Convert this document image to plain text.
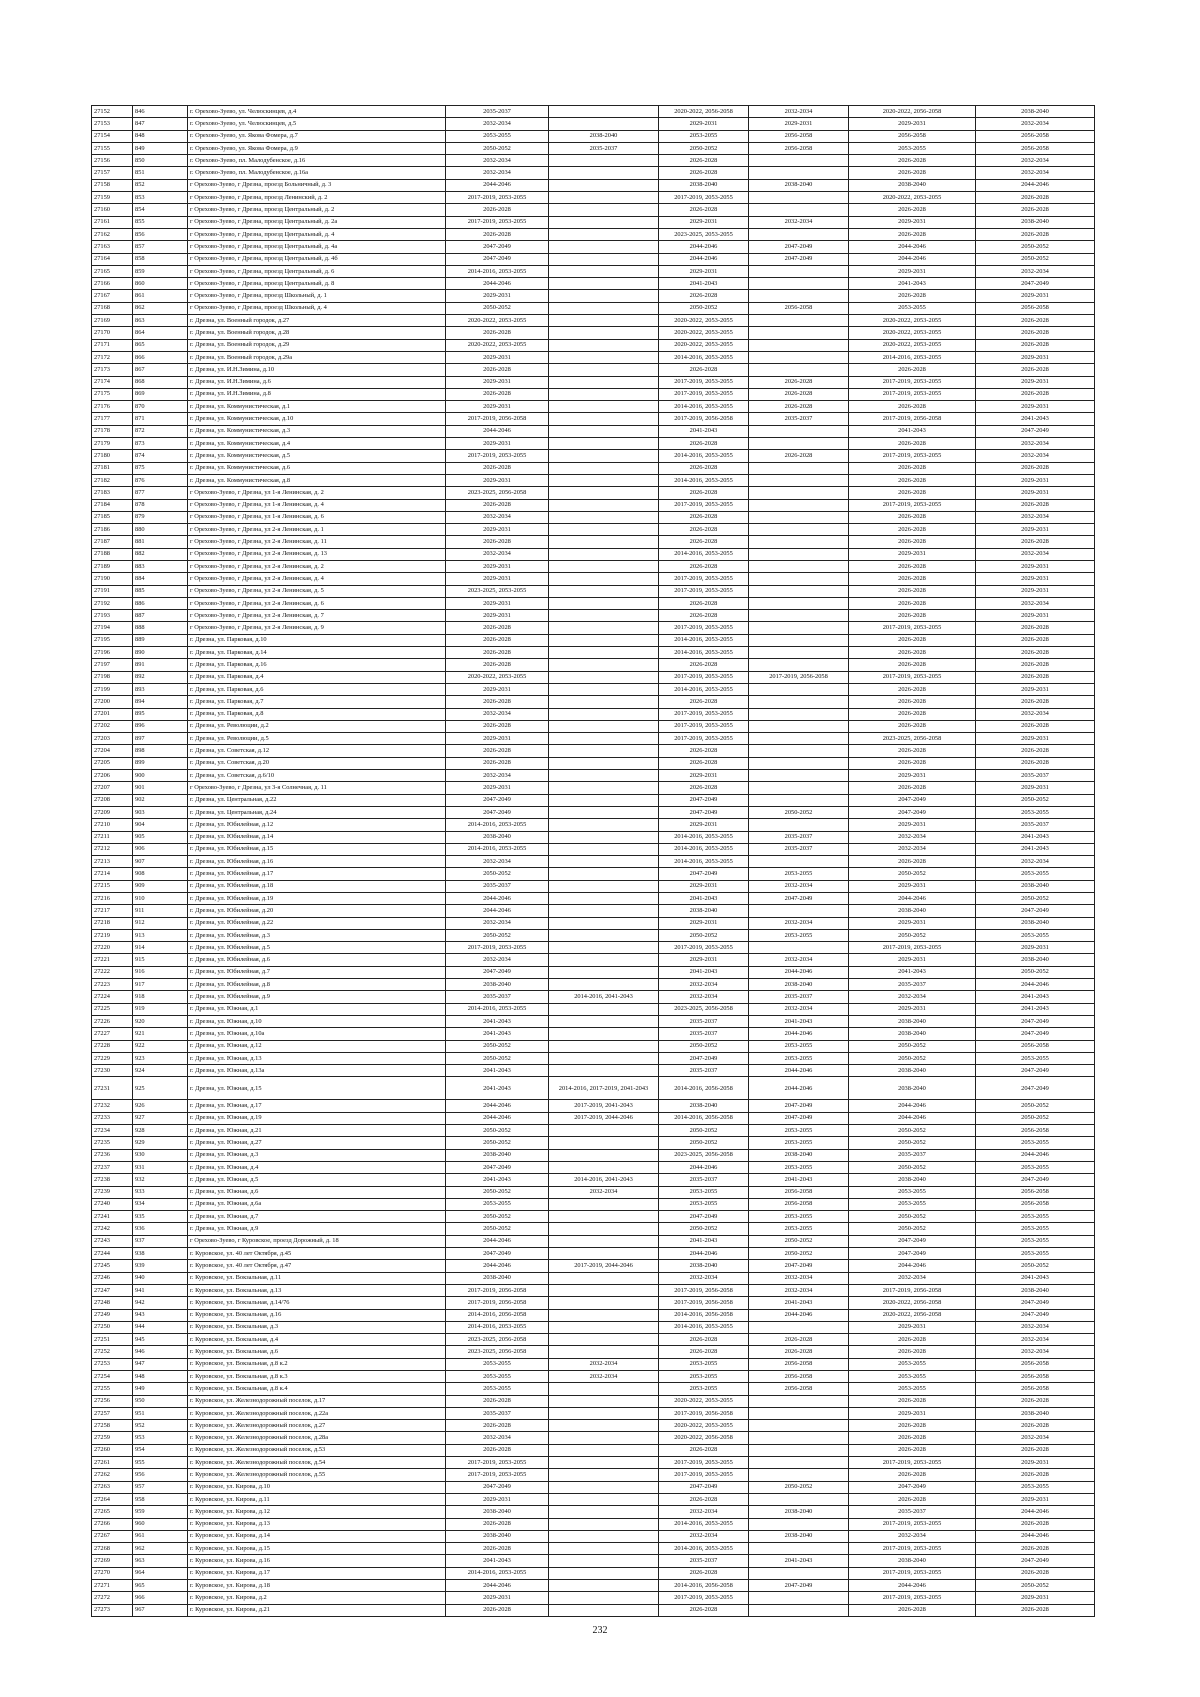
27152	846	г. Орехово-Зуево, ул. Челюскинцев, д.4	2035-2037		2020-2022, 2056-2058	2032-2034	2020-2022, 2056-2058	2038-2040
27153	847	г. Орехово-Зуево, ул. Челюскинцев, д.5	2032-2034		2029-2031	2029-2031	2029-2031	2032-2034
27154	848	г. Орехово-Зуево, ул. Якова Фомера, д.7	2053-2055	2038-2040	2053-2055	2056-2058	2056-2058	2056-2058
27155	849	г. Орехово-Зуево, ул. Якова Фомера, д.9	2050-2052	2035-2037	2050-2052	2056-2058	2053-2055	2056-2058
27156	850	г. Орехово-Зуево, пл. Малодубенское, д.16	2032-2034		2026-2028		2026-2028	2032-2034
27157	851	г. Орехово-Зуево, пл. Малодубенское, д.16а	2032-2034		2026-2028		2026-2028	2032-2034
27158	852	г Орехово-Зуево, г Дрезна, проезд Больничный, д. 3	2044-2046		2038-2040	2038-2040	2038-2040	2044-2046
27159	853	г Орехово-Зуево, г Дрезна, проезд Ленинский, д. 2	2017-2019, 2053-2055		2017-2019, 2053-2055		2020-2022, 2053-2055	2026-2028
27160	854	г Орехово-Зуево, г Дрезна, проезд Центральный, д. 2	2026-2028		2026-2028		2026-2028	2026-2028
27161	855	г Орехово-Зуево, г Дрезна, проезд Центральный, д. 2а	2017-2019, 2053-2055		2029-2031	2032-2034	2029-2031	2038-2040
27162	856	г Орехово-Зуево, г Дрезна, проезд Центральный, д. 4	2026-2028		2023-2025, 2053-2055		2026-2028	2026-2028
27163	857	г Орехово-Зуево, г Дрезна, проезд Центральный, д. 4а	2047-2049		2044-2046	2047-2049	2044-2046	2050-2052
27164	858	г Орехово-Зуево, г Дрезна, проезд Центральный, д. 4б	2047-2049		2044-2046	2047-2049	2044-2046	2050-2052
27165	859	г Орехово-Зуево, г Дрезна, проезд Центральный, д. 6	2014-2016, 2053-2055		2029-2031		2029-2031	2032-2034
27166	860	г Орехово-Зуево, г Дрезна, проезд Центральный, д. 8	2044-2046		2041-2043		2041-2043	2047-2049
27167	861	г Орехово-Зуево, г Дрезна, проезд Школьный, д. 1	2029-2031		2026-2028		2026-2028	2029-2031
27168	862	г Орехово-Зуево, г Дрезна, проезд Школьный, д. 4	2050-2052		2050-2052	2056-2058	2053-2055	2056-2058
27169	863	г. Дрезна, ул. Военный городок, д.27	2020-2022, 2053-2055		2020-2022, 2053-2055		2020-2022, 2053-2055	2026-2028
27170	864	г. Дрезна, ул. Военный городок, д.28	2026-2028		2020-2022, 2053-2055		2020-2022, 2053-2055	2026-2028
27171	865	г. Дрезна, ул. Военный городок, д.29	2020-2022, 2053-2055		2020-2022, 2053-2055		2020-2022, 2053-2055	2026-2028
27172	866	г. Дрезна, ул. Военный городок, д.29а	2029-2031		2014-2016, 2053-2055		2014-2016, 2053-2055	2029-2031
27173	867	г. Дрезна, ул. И.Н.Зимина, д.10	2026-2028		2026-2028		2026-2028	2026-2028
27174	868	г. Дрезна, ул. И.Н.Зимина, д.6	2029-2031		2017-2019, 2053-2055	2026-2028	2017-2019, 2053-2055	2029-2031
27175	869	г. Дрезна, ул. И.Н.Зимина, д.8	2026-2028		2017-2019, 2053-2055	2026-2028	2017-2019, 2053-2055	2026-2028
27176	870	г. Дрезна, ул. Коммунистическая, д.1	2029-2031		2014-2016, 2053-2055	2026-2028	2026-2028	2029-2031
27177	871	г. Дрезна, ул. Коммунистическая, д.10	2017-2019, 2056-2058		2017-2019, 2056-2058	2035-2037	2017-2019, 2056-2058	2041-2043
27178	872	г. Дрезна, ул. Коммунистическая, д.3	2044-2046		2041-2043		2041-2043	2047-2049
27179	873	г. Дрезна, ул. Коммунистическая, д.4	2029-2031		2026-2028		2026-2028	2032-2034
27180	874	г. Дрезна, ул. Коммунистическая, д.5	2017-2019, 2053-2055		2014-2016, 2053-2055	2026-2028	2017-2019, 2053-2055	2032-2034
27181	875	г. Дрезна, ул. Коммунистическая, д.6	2026-2028		2026-2028		2026-2028	2026-2028
27182	876	г. Дрезна, ул. Коммунистическая, д.8	2029-2031		2014-2016, 2053-2055		2026-2028	2029-2031
27183	877	г Орехово-Зуево, г Дрезна, ул 1-я Ленинская, д. 2	2023-2025, 2056-2058		2026-2028		2026-2028	2029-2031
27184	878	г Орехово-Зуево, г Дрезна, ул 1-я Ленинская, д. 4	2026-2028		2017-2019, 2053-2055		2017-2019, 2053-2055	2026-2028
27185	879	г Орехово-Зуево, г Дрезна, ул 1-я Ленинская, д. 6	2032-2034		2026-2028		2026-2028	2032-2034
27186	880	г Орехово-Зуево, г Дрезна, ул 2-я Ленинская, д. 1	2029-2031		2026-2028		2026-2028	2029-2031
27187	881	г Орехово-Зуево, г Дрезна, ул 2-я Ленинская, д. 11	2026-2028		2026-2028		2026-2028	2026-2028
27188	882	г Орехово-Зуево, г Дрезна, ул 2-я Ленинская, д. 13	2032-2034		2014-2016, 2053-2055		2029-2031	2032-2034
27189	883	г Орехово-Зуево, г Дрезна, ул 2-я Ленинская, д. 2	2029-2031		2026-2028		2026-2028	2029-2031
27190	884	г Орехово-Зуево, г Дрезна, ул 2-я Ленинская, д. 4	2029-2031		2017-2019, 2053-2055		2026-2028	2029-2031
27191	885	г Орехово-Зуево, г Дрезна, ул 2-я Ленинская, д. 5	2023-2025, 2053-2055		2017-2019, 2053-2055		2026-2028	2029-2031
27192	886	г Орехово-Зуево, г Дрезна, ул 2-я Ленинская, д. 6	2029-2031		2026-2028		2026-2028	2032-2034
27193	887	г Орехово-Зуево, г Дрезна, ул 2-я Ленинская, д. 7	2029-2031		2026-2028		2026-2028	2029-2031
27194	888	г Орехово-Зуево, г Дрезна, ул 2-я Ленинская, д. 9	2026-2028		2017-2019, 2053-2055		2017-2019, 2053-2055	2026-2028
27195	889	г. Дрезна, ул. Парковая, д.10	2026-2028		2014-2016, 2053-2055		2026-2028	2026-2028
27196	890	г. Дрезна, ул. Парковая, д.14	2026-2028		2014-2016, 2053-2055		2026-2028	2026-2028
27197	891	г. Дрезна, ул. Парковая, д.16	2026-2028		2026-2028		2026-2028	2026-2028
27198	892	г. Дрезна, ул. Парковая, д.4	2020-2022, 2053-2055		2017-2019, 2053-2055	2017-2019, 2056-2058	2017-2019, 2053-2055	2026-2028
27199	893	г. Дрезна, ул. Парковая, д.6	2029-2031		2014-2016, 2053-2055		2026-2028	2029-2031
27200	894	г. Дрезна, ул. Парковая, д.7	2026-2028		2026-2028		2026-2028	2026-2028
27201	895	г. Дрезна, ул. Парковая, д.8	2032-2034		2017-2019, 2053-2055		2026-2028	2032-2034
27202	896	г. Дрезна, ул. Революции, д.2	2026-2028		2017-2019, 2053-2055		2026-2028	2026-2028
27203	897	г. Дрезна, ул. Революции, д.5	2029-2031		2017-2019, 2053-2055		2023-2025, 2056-2058	2029-2031
27204	898	г. Дрезна, ул. Советская, д.12	2026-2028		2026-2028		2026-2028	2026-2028
27205	899	г. Дрезна, ул. Советская, д.20	2026-2028		2026-2028		2026-2028	2026-2028
27206	900	г. Дрезна, ул. Советская, д.6/10	2032-2034		2029-2031		2029-2031	2035-2037
27207	901	г Орехово-Зуево, г Дрезна, ул 3-я Солнечная, д. 11	2029-2031		2026-2028		2026-2028	2029-2031
27208	902	г. Дрезна, ул. Центральная, д.22	2047-2049		2047-2049		2047-2049	2050-2052
27209	903	г. Дрезна, ул. Центральная, д.24	2047-2049		2047-2049	2050-2052	2047-2049	2053-2055
27210	904	г. Дрезна, ул. Юбилейная, д.12	2014-2016, 2053-2055		2029-2031		2029-2031	2035-2037
27211	905	г. Дрезна, ул. Юбилейная, д.14	2038-2040		2014-2016, 2053-2055	2035-2037	2032-2034	2041-2043
27212	906	г. Дрезна, ул. Юбилейная, д.15	2014-2016, 2053-2055		2014-2016, 2053-2055	2035-2037	2032-2034	2041-2043
27213	907	г. Дрезна, ул. Юбилейная, д.16	2032-2034		2014-2016, 2053-2055		2026-2028	2032-2034
27214	908	г. Дрезна, ул. Юбилейная, д.17	2050-2052		2047-2049	2053-2055	2050-2052	2053-2055
27215	909	г. Дрезна, ул. Юбилейная, д.18	2035-2037		2029-2031	2032-2034	2029-2031	2038-2040
27216	910	г. Дрезна, ул. Юбилейная, д.19	2044-2046		2041-2043	2047-2049	2044-2046	2050-2052
27217	911	г. Дрезна, ул. Юбилейная, д.20	2044-2046		2038-2040		2038-2040	2047-2049
27218	912	г. Дрезна, ул. Юбилейная, д.22	2032-2034		2029-2031	2032-2034	2029-2031	2038-2040
27219	913	г. Дрезна, ул. Юбилейная, д.3	2050-2052		2050-2052	2053-2055	2050-2052	2053-2055
27220	914	г. Дрезна, ул. Юбилейная, д.5	2017-2019, 2053-2055		2017-2019, 2053-2055		2017-2019, 2053-2055	2029-2031
27221	915	г. Дрезна, ул. Юбилейная, д.6	2032-2034		2029-2031	2032-2034	2029-2031	2038-2040
27222	916	г. Дрезна, ул. Юбилейная, д.7	2047-2049		2041-2043	2044-2046	2041-2043	2050-2052
27223	917	г. Дрезна, ул. Юбилейная, д.8	2038-2040		2032-2034	2038-2040	2035-2037	2044-2046
27224	918	г. Дрезна, ул. Юбилейная, д.9	2035-2037	2014-2016, 2041-2043	2032-2034	2035-2037	2032-2034	2041-2043
27225	919	г. Дрезна, ул. Южная, д.1	2014-2016, 2053-2055		2023-2025, 2056-2058	2032-2034	2029-2031	2041-2043
27226	920	г. Дрезна, ул. Южная, д.10	2041-2043		2035-2037	2041-2043	2038-2040	2047-2049
27227	921	г. Дрезна, ул. Южная, д.10а	2041-2043		2035-2037	2044-2046	2038-2040	2047-2049
27228	922	г. Дрезна, ул. Южная, д.12	2050-2052		2050-2052	2053-2055	2050-2052	2056-2058
27229	923	г. Дрезна, ул. Южная, д.13	2050-2052		2047-2049	2053-2055	2050-2052	2053-2055
27230	924	г. Дрезна, ул. Южная, д.13а	2041-2043		2035-2037	2044-2046	2038-2040	2047-2049
27231	925	г. Дрезна, ул. Южная, д.15	2041-2043	2014-2016, 2017-2019, 2041-2043	2014-2016, 2056-2058	2044-2046	2038-2040	2047-2049
27232	926	г. Дрезна, ул. Южная, д.17	2044-2046	2017-2019, 2041-2043	2038-2040	2047-2049	2044-2046	2050-2052
27233	927	г. Дрезна, ул. Южная, д.19	2044-2046	2017-2019, 2044-2046	2014-2016, 2056-2058	2047-2049	2044-2046	2050-2052
27234	928	г. Дрезна, ул. Южная, д.21	2050-2052		2050-2052	2053-2055	2050-2052	2056-2058
27235	929	г. Дрезна, ул. Южная, д.27	2050-2052		2050-2052	2053-2055	2050-2052	2053-2055
27236	930	г. Дрезна, ул. Южная, д.3	2038-2040		2023-2025, 2056-2058	2038-2040	2035-2037	2044-2046
27237	931	г. Дрезна, ул. Южная, д.4	2047-2049		2044-2046	2053-2055	2050-2052	2053-2055
27238	932	г. Дрезна, ул. Южная, д.5	2041-2043	2014-2016, 2041-2043	2035-2037	2041-2043	2038-2040	2047-2049
27239	933	г. Дрезна, ул. Южная, д.6	2050-2052	2032-2034	2053-2055	2056-2058	2053-2055	2056-2058
27240	934	г. Дрезна, ул. Южная, д.6а	2053-2055		2053-2055	2056-2058	2053-2055	2056-2058
27241	935	г. Дрезна, ул. Южная, д.7	2050-2052		2047-2049	2053-2055	2050-2052	2053-2055
27242	936	г. Дрезна, ул. Южная, д.9	2050-2052		2050-2052	2053-2055	2050-2052	2053-2055
27243	937	г Орехово-Зуево, г Куровское, проезд Дорожный, д. 18	2044-2046		2041-2043	2050-2052	2047-2049	2053-2055
27244	938	г. Куровское, ул. 40 лет Октября, д.45	2047-2049		2044-2046	2050-2052	2047-2049	2053-2055
27245	939	г. Куровское, ул. 40 лет Октября, д.47	2044-2046	2017-2019, 2044-2046	2038-2040	2047-2049	2044-2046	2050-2052
27246	940	г. Куровское, ул. Вокзальная, д.11	2038-2040		2032-2034	2032-2034	2032-2034	2041-2043
27247	941	г. Куровское, ул. Вокзальная, д.13	2017-2019, 2056-2058		2017-2019, 2056-2058	2032-2034	2017-2019, 2056-2058	2038-2040
27248	942	г. Куровское, ул. Вокзальная, д.14/76	2017-2019, 2056-2058		2017-2019, 2056-2058	2041-2043	2020-2022, 2056-2058	2047-2049
27249	943	г. Куровское, ул. Вокзальная, д.16	2014-2016, 2056-2058		2014-2016, 2056-2058	2044-2046	2020-2022, 2056-2058	2047-2049
27250	944	г. Куровское, ул. Вокзальная, д.3	2014-2016, 2053-2055		2014-2016, 2053-2055		2029-2031	2032-2034
27251	945	г. Куровское, ул. Вокзальная, д.4	2023-2025, 2056-2058		2026-2028	2026-2028	2026-2028	2032-2034
27252	946	г. Куровское, ул. Вокзальная, д.6	2023-2025, 2056-2058		2026-2028	2026-2028	2026-2028	2032-2034
27253	947	г. Куровское, ул. Вокзальная, д.8 к.2	2053-2055	2032-2034	2053-2055	2056-2058	2053-2055	2056-2058
27254	948	г. Куровское, ул. Вокзальная, д.8 к.3	2053-2055	2032-2034	2053-2055	2056-2058	2053-2055	2056-2058
27255	949	г. Куровское, ул. Вокзальная, д.8 к.4	2053-2055		2053-2055	2056-2058	2053-2055	2056-2058
27256	950	г. Куровское, ул. Железнодорожный поселок, д.17	2026-2028		2020-2022, 2053-2055		2026-2028	2026-2028
27257	951	г. Куровское, ул. Железнодорожный поселок, д.22а	2035-2037		2017-2019, 2056-2058		2029-2031	2038-2040
27258	952	г. Куровское, ул. Железнодорожный поселок, д.27	2026-2028		2020-2022, 2053-2055		2026-2028	2026-2028
27259	953	г. Куровское, ул. Железнодорожный поселок, д.28а	2032-2034		2020-2022, 2056-2058		2026-2028	2032-2034
27260	954	г. Куровское, ул. Железнодорожный поселок, д.53	2026-2028		2026-2028		2026-2028	2026-2028
27261	955	г. Куровское, ул. Железнодорожный поселок, д.54	2017-2019, 2053-2055		2017-2019, 2053-2055		2017-2019, 2053-2055	2029-2031
27262	956	г. Куровское, ул. Железнодорожный поселок, д.55	2017-2019, 2053-2055		2017-2019, 2053-2055		2026-2028	2026-2028
27263	957	г. Куровское, ул. Кирова, д.10	2047-2049		2047-2049	2050-2052	2047-2049	2053-2055
27264	958	г. Куровское, ул. Кирова, д.11	2029-2031		2026-2028		2026-2028	2029-2031
27265	959	г. Куровское, ул. Кирова, д.12	2038-2040		2032-2034	2038-2040	2035-2037	2044-2046
27266	960	г. Куровское, ул. Кирова, д.13	2026-2028		2014-2016, 2053-2055		2017-2019, 2053-2055	2026-2028
27267	961	г. Куровское, ул. Кирова, д.14	2038-2040		2032-2034	2038-2040	2032-2034	2044-2046
27268	962	г. Куровское, ул. Кирова, д.15	2026-2028		2014-2016, 2053-2055		2017-2019, 2053-2055	2026-2028
27269	963	г. Куровское, ул. Кирова, д.16	2041-2043		2035-2037	2041-2043	2038-2040	2047-2049
27270	964	г. Куровское, ул. Кирова, д.17	2014-2016, 2053-2055		2026-2028		2017-2019, 2053-2055	2026-2028
27271	965	г. Куровское, ул. Кирова, д.18	2044-2046		2014-2016, 2056-2058	2047-2049	2044-2046	2050-2052
27272	966	г. Куровское, ул. Кирова, д.2	2029-2031		2017-2019, 2053-2055		2017-2019, 2053-2055	2029-2031
27273	967	г. Куровское, ул. Кирова, д.21	2026-2028		2026-2028		2026-2028	2026-2028
232
